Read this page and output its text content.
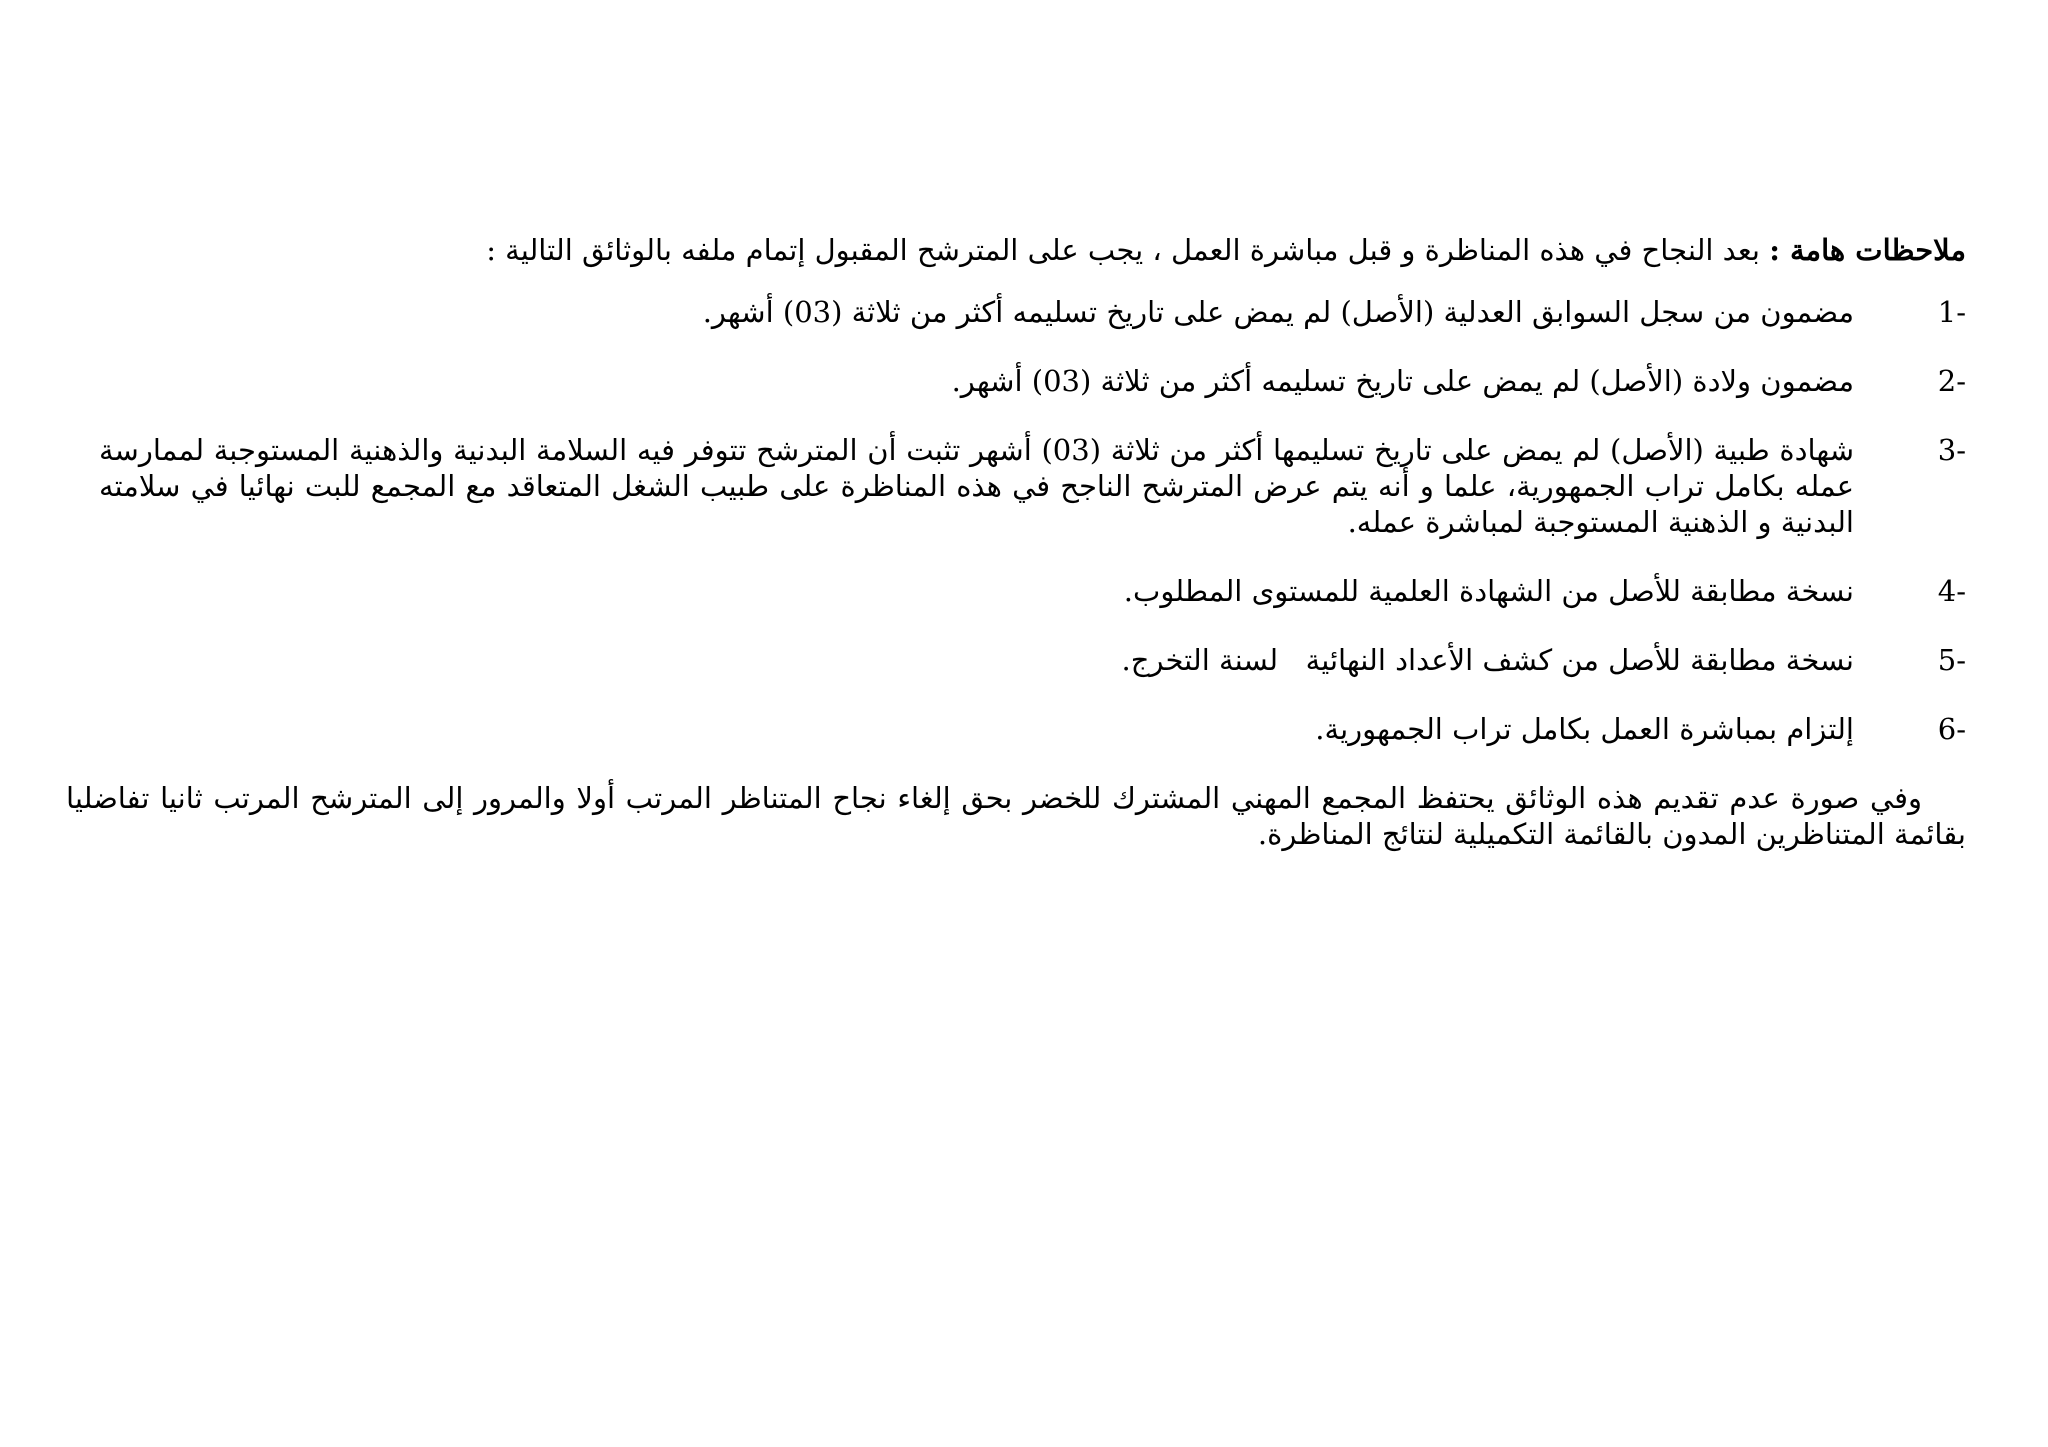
ملاحظات هامة : بعد النجاح في هذه المناظرة و قبل مباشرة العمل ، يجب على المترشح المقبول إتمام ملفه بالوثائق التالية :

1-
مضمون من سجل السوابق العدلية (الأصل) لم يمض على تاريخ تسليمه أكثر من ثلاثة (03) أشهر.
2-
مضمون ولادة (الأصل) لم يمض على تاريخ تسليمه أكثر من ثلاثة (03) أشهر.
3-
شهادة طبية (الأصل) لم يمض على تاريخ تسليمها أكثر من ثلاثة (03) أشهر تثبت أن المترشح تتوفر فيه السلامة البدنية والذهنية المستوجبة لممارسة عمله بكامل تراب الجمهورية، علما و أنه يتم عرض المترشح الناجح في هذه المناظرة على طبيب الشغل المتعاقد مع المجمع للبت نهائيا في سلامته البدنية و الذهنية المستوجبة لمباشرة عمله.
4-
نسخة مطابقة للأصل من الشهادة العلمية للمستوى المطلوب.
5-
نسخة مطابقة للأصل من كشف الأعداد النهائية   لسنة التخرج.
6-
إلتزام بمباشرة العمل بكامل تراب الجمهورية.

وفي صورة عدم تقديم هذه الوثائق يحتفظ المجمع المهني المشترك للخضر بحق إلغاء نجاح المتناظر المرتب أولا والمرور إلى المترشح المرتب ثانيا تفاضليا بقائمة المتناظرين المدون بالقائمة التكميلية لنتائج المناظرة.
